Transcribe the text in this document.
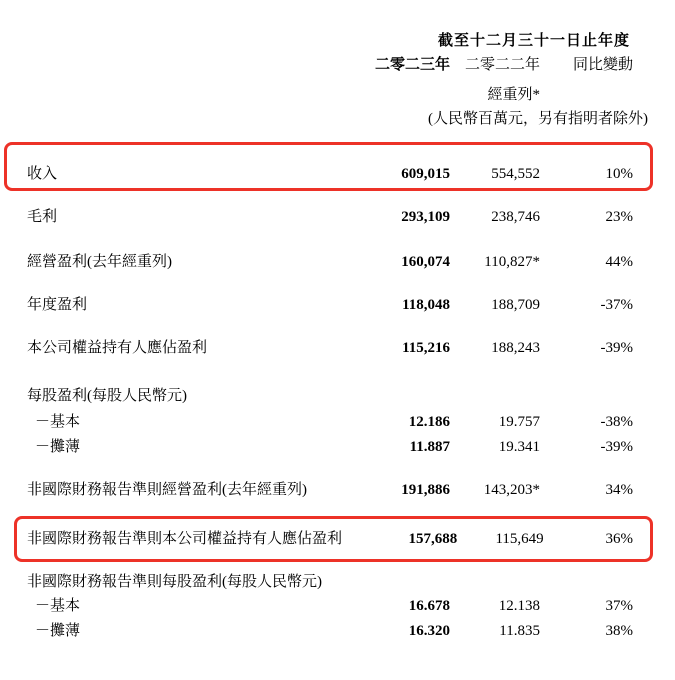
截至十二月三十一日止年度
二零二三年 二零二二年	同比變動
經重列*
(人民幣百萬元，另有指明者除外)
收入	609,015	554,552	10%
毛利	293,109	238,746	23%
經營盈利(去年經重列)	160,074	110,827*	44%
年度盈利	118,048	188,709	-37%
本公司權益持有人應佔盈利	115,216	188,243	-39%
每股盈利(每股人民幣元)
－基本	12.186	19.757	-38%
－攤薄	11.887	19.341	-39%
非國際財務報告準則經營盈利(去年經重列)	191,886	143,203*	34%
非國際財務報告準則本公司權益持有人應佔盈利	157,688	115,649	36%
非國際財務報告準則每股盈利(每股人民幣元)
－基本	16.678	12.138	37%
－攤薄	16.320	11.835	38%
